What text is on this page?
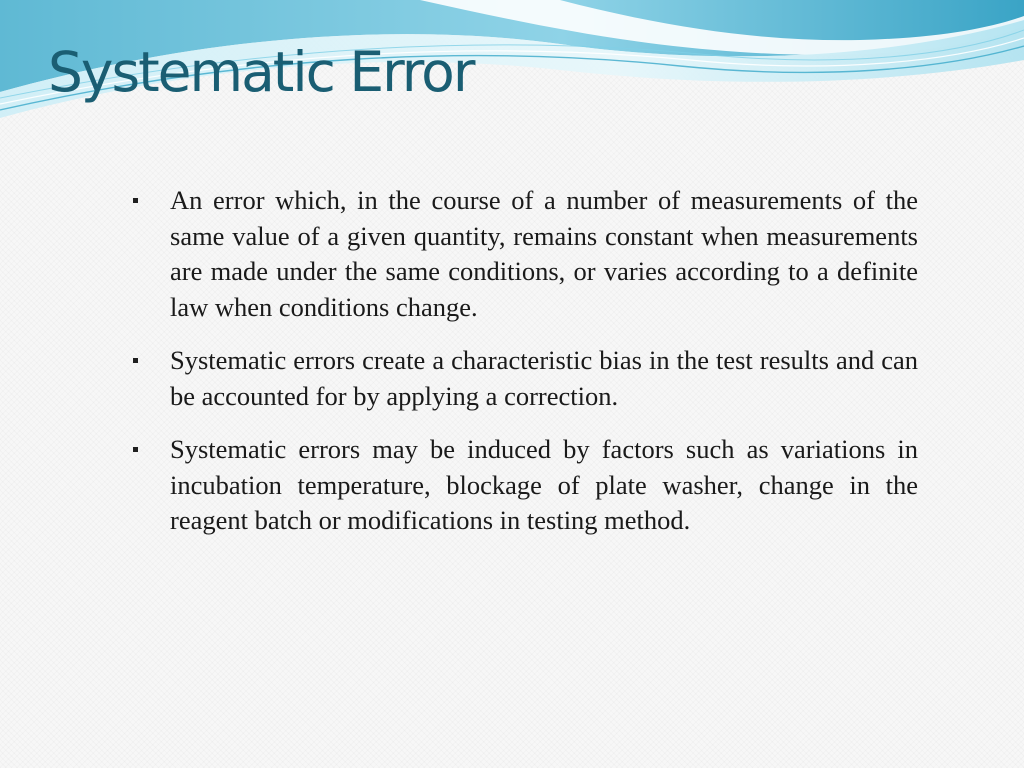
Systematic Error
An error which, in the course of a number of measurements of the same value of a given quantity, remains constant when measurements are made under the same conditions, or varies according to a definite law when conditions change.
Systematic errors create a characteristic bias in the test results and can be accounted for by applying a correction.
Systematic errors may be induced by factors such as variations in incubation temperature, blockage of plate washer, change in the reagent batch or modifications in testing method.
